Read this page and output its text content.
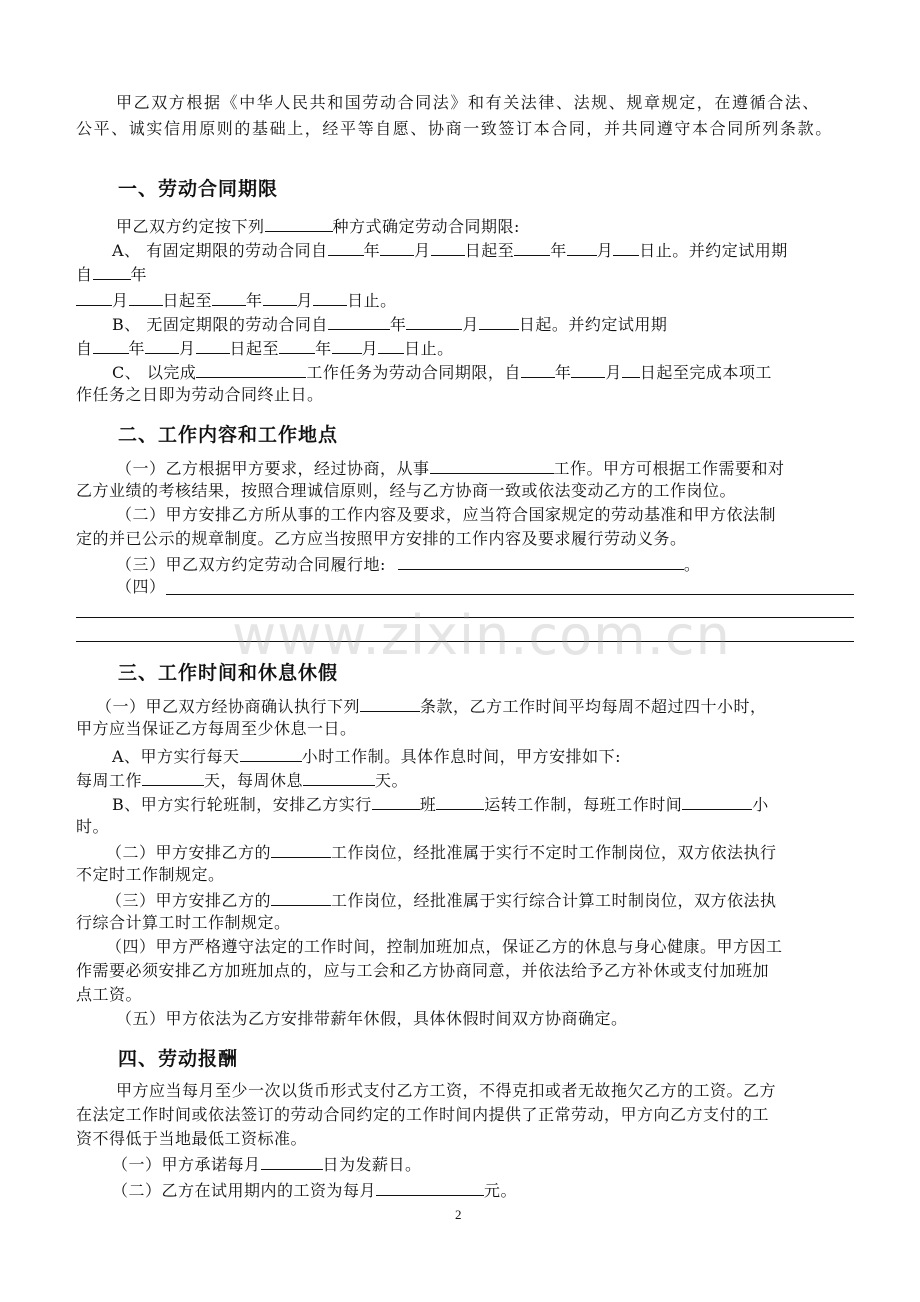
甲乙双方根据《中华人民共和国劳动合同法》和有关法律、法规、规章规定，在遵循合法、
公平、诚实信用原则的基础上，经平等自愿、协商一致签订本合同，并共同遵守本合同所列条款。
一、劳动合同期限
甲乙双方约定按下列	种方式确定劳动合同期限:
A、 有固定期限的劳动合同自 年 月 日起至 年 月 日止。并约定试用期
自 年
月 日起至 年 月 日止。
B、 无固定期限的劳动合同自	年	月	日起。并约定试用期
自 年 月 日起至 年 月 日止。
C、 以完成	工作任务为劳动合同期限，自 年 月 日起至完成本项工
作任务之日即为劳动合同终止日。
二、工作内容和工作地点
（一）乙方根据甲方要求，经过协商，从事	工作。甲方可根据工作需要和对
乙方业绩的考核结果，按照合理诚信原则，经与乙方协商一致或依法变动乙方的工作岗位。
（二）甲方安排乙方所从事的工作内容及要求，应当符合国家规定的劳动基准和甲方依法制
定的并已公示的规章制度。乙方应当按照甲方安排的工作内容及要求履行劳动义务。
（三）甲乙双方约定劳动合同履行地:	。
（四）
www.zixin.com.cn
三、工作时间和休息休假
（一）甲乙双方经协商确认执行下列	条款，乙方工作时间平均每周不超过四十小时，
甲方应当保证乙方每周至少休息一日。
A、甲方实行每天	小时工作制。具体作息时间，甲方安排如下:
每周工作	天，每周休息	天。
B、甲方实行轮班制，安排乙方实行	班	运转工作制，每班工作时间	小
时。
（二）甲方安排乙方的	工作岗位，经批准属于实行不定时工作制岗位，双方依法执行
不定时工作制规定。
（三）甲方安排乙方的	工作岗位，经批准属于实行综合计算工时制岗位，双方依法执
行综合计算工时工作制规定。
（四）甲方严格遵守法定的工作时间，控制加班加点，保证乙方的休息与身心健康。甲方因工
作需要必须安排乙方加班加点的，应与工会和乙方协商同意，并依法给予乙方补休或支付加班加
点工资。
（五）甲方依法为乙方安排带薪年休假，具体休假时间双方协商确定。
四、劳动报酬
甲方应当每月至少一次以货币形式支付乙方工资，不得克扣或者无故拖欠乙方的工资。乙方
在法定工作时间或依法签订的劳动合同约定的工作时间内提供了正常劳动，甲方向乙方支付的工
资不得低于当地最低工资标准。
（一）甲方承诺每月	日为发薪日。
（二）乙方在试用期内的工资为每月	元。
2
